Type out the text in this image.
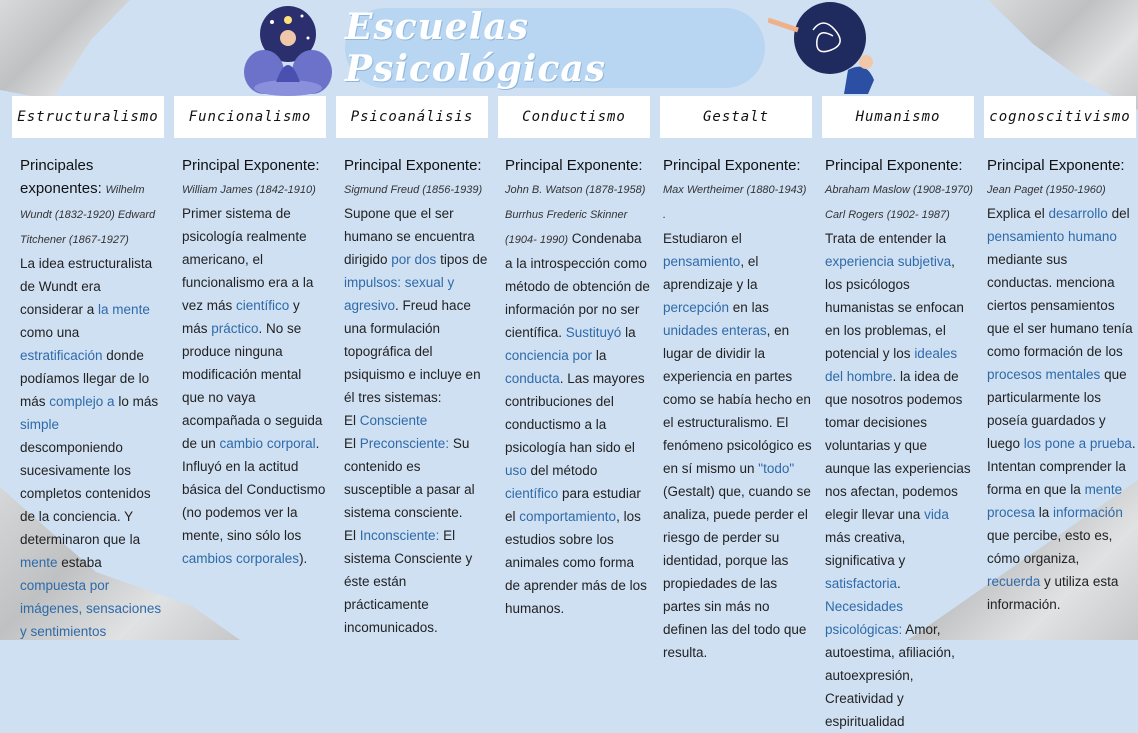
Escuelas Psicológicas
Estructuralismo
Principales exponentes: Wilhelm Wundt (1832-1920) Edward Titchener (1867-1927)
La idea estructuralista de Wundt era considerar a la mente como una estratificación donde podíamos llegar de lo más complejo a lo más simple descomponiendo sucesivamente los completos contenidos de la conciencia. Y determinaron que la mente estaba compuesta por imágenes, sensaciones y sentimientos
Funcionalismo
Principal Exponente:
William James (1842-1910)
Primer sistema de psicología realmente americano, el funcionalismo era a la vez más científico y más práctico. No se produce ninguna modificación mental que no vaya acompañada o seguida de un cambio corporal. Influyó en la actitud básica del Conductismo (no podemos ver la mente, sino sólo los cambios corporales).
Psicoanálisis
Principal Exponente:
Sigmund Freud (1856-1939)
Supone que el ser humano se encuentra dirigido por dos tipos de impulsos: sexual y agresivo. Freud hace una formulación topográfica del psiquismo e incluye en él tres sistemas:
El Consciente
El Preconsciente: Su contenido es susceptible a pasar al sistema consciente.
El Inconsciente: El sistema Consciente y éste están prácticamente incomunicados.
Conductismo
Principal Exponente:
John B. Watson (1878-1958) Burrhus Frederic Skinner (1904- 1990) Condenaba a la introspección como método de obtención de información por no ser científica. Sustituyó la conciencia por la conducta. Las mayores contribuciones del conductismo a la psicología han sido el uso del método científico para estudiar el comportamiento, los estudios sobre los animales como forma de aprender más de los humanos.
Gestalt
Principal Exponente:
Max Wertheimer (1880-1943) .
Estudiaron el pensamiento, el aprendizaje y la percepción en las unidades enteras, en lugar de dividir la experiencia en partes como se había hecho en el estructuralismo. El fenómeno psicológico es en sí mismo un "todo" (Gestalt) que, cuando se analiza, puede perder el riesgo de perder su identidad, porque las propiedades de las partes sin más no definen las del todo que resulta.
Humanismo
Principal Exponente:
Abraham Maslow (1908-1970) Carl Rogers (1902- 1987) Trata de entender la experiencia subjetiva, los psicólogos humanistas se enfocan en los problemas, el potencial y los ideales del hombre. la idea de que nosotros podemos tomar decisiones voluntarias y que aunque las experiencias nos afectan, podemos elegir llevar una vida más creativa, significativa y satisfactoria.
Necesidades psicológicas: Amor, autoestima, afiliación, autoexpresión, Creatividad y espiritualidad
cognoscitivismo
Principal Exponente: Jean Paget (1950-1960)
Explica el desarrollo del pensamiento humano mediante sus conductas. menciona ciertos pensamientos que el ser humano tenía como formación de los procesos mentales que particularmente los poseía guardados y luego los pone a prueba. Intentan comprender la forma en que la mente procesa la información que percibe, esto es, cómo organiza, recuerda y utiliza esta información.
